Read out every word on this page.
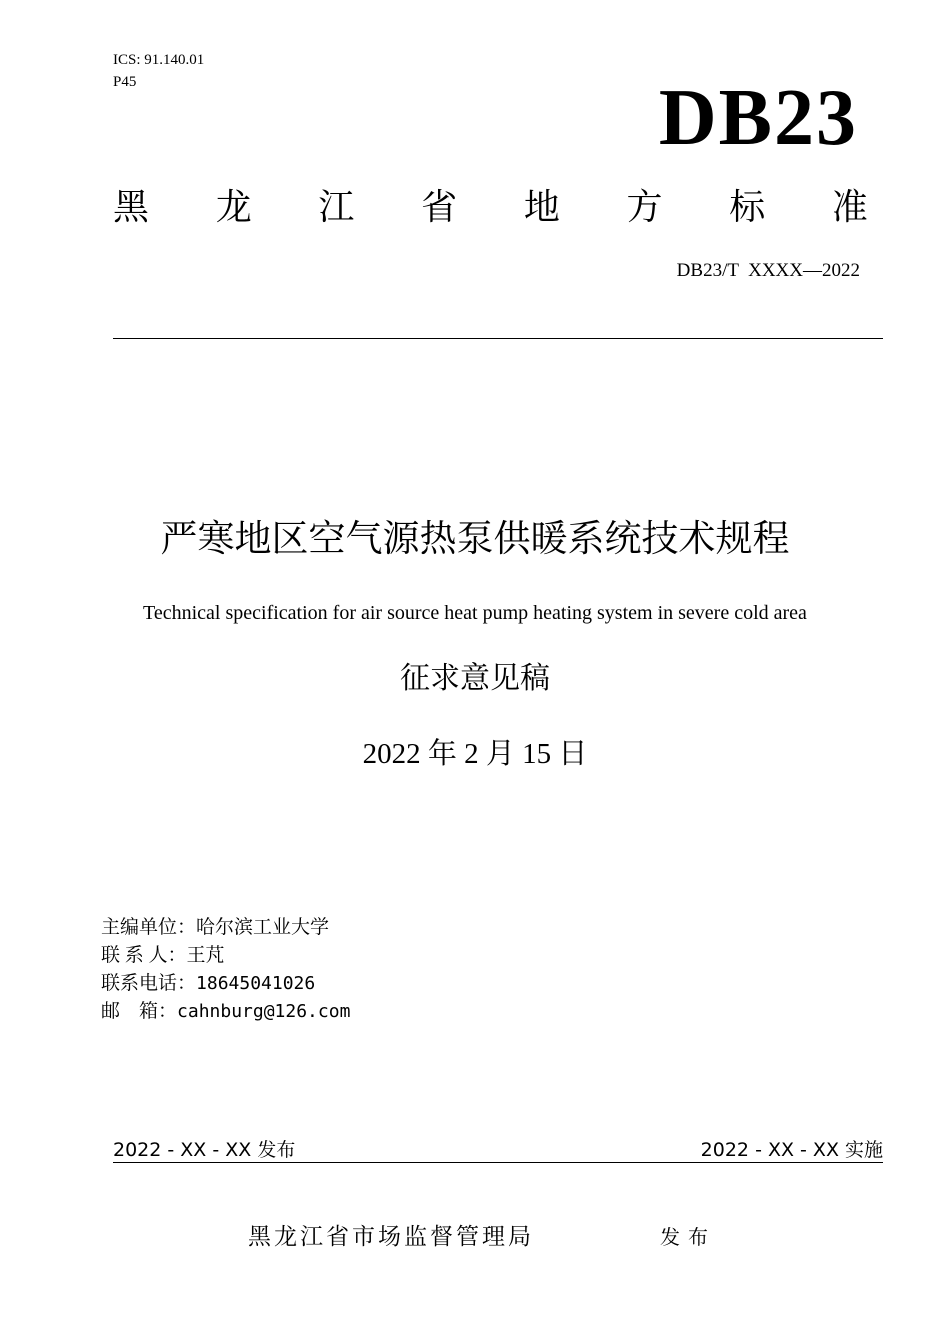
ICS: 91.140.01
P45	DB23
黑 龙 江 省 地 方 标 准
DB23/T  XXXX—2022
严寒地区空气源热泵供暖系统技术规程
Technical specification for air source heat pump heating system in severe cold area
征求意见稿
2022 年 2 月 15 日
主编单位： 哈尔滨工业大学
联 系 人： 王芃
联系电话： 18645041026
邮    箱： cahnburg@126.com
2022 - XX - XX 发布	2022 - XX - XX 实施
黑龙江省市场监督管理局	发布
